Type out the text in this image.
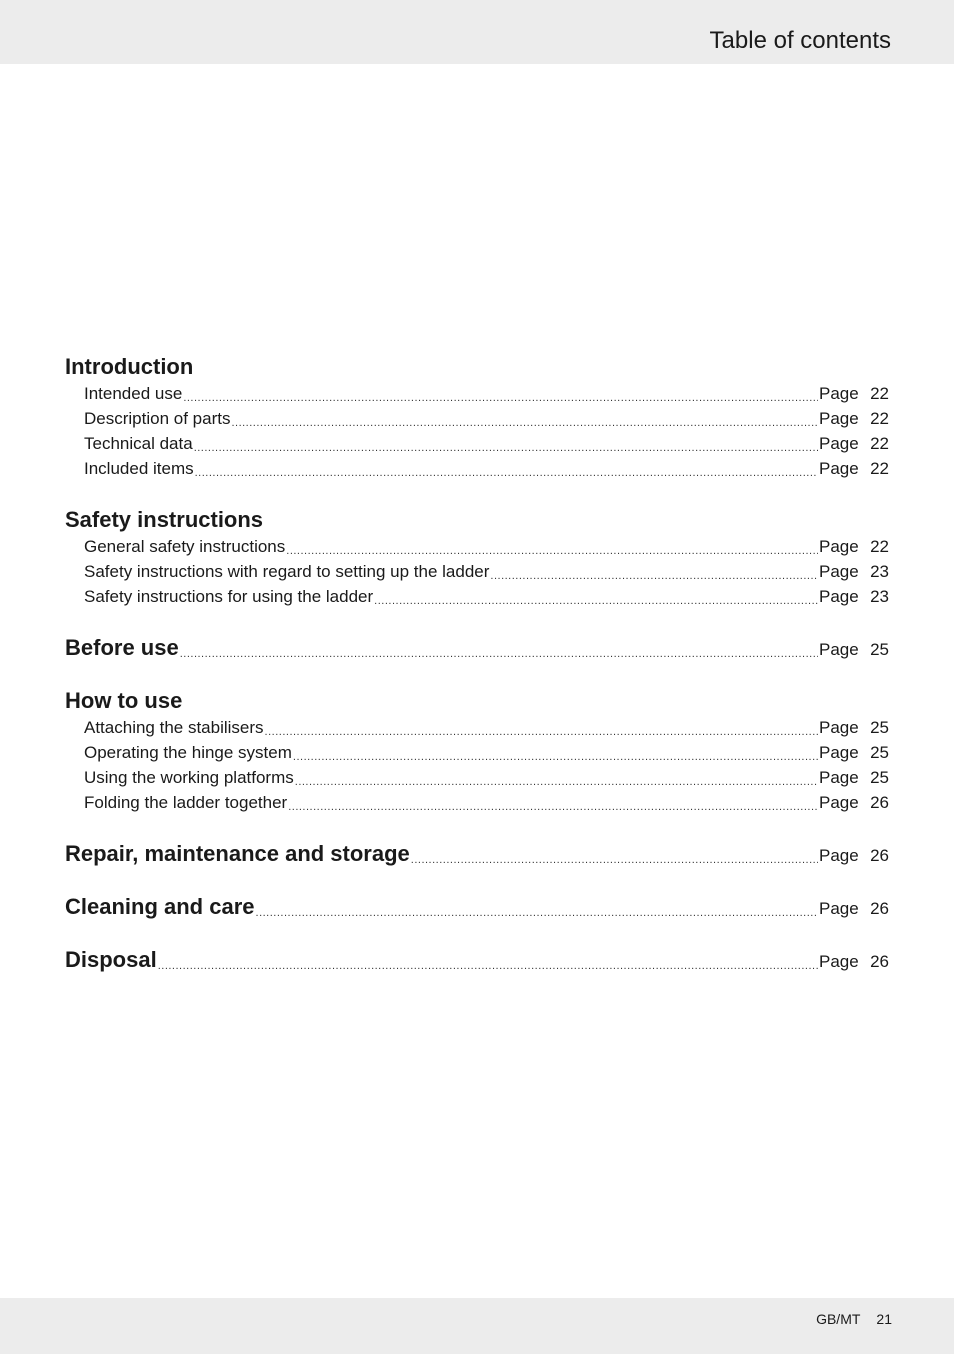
Table of contents
Introduction
Intended use .....	Page 22
Description of parts .....	Page 22
Technical data .....	Page 22
Included items .....	Page 22
Safety instructions
General safety instructions .....	Page 22
Safety instructions with regard to setting up the ladder .....	Page 23
Safety instructions for using the ladder .....	Page 23
Before use .....	Page 25
How to use
Attaching the stabilisers .....	Page 25
Operating the hinge system .....	Page 25
Using the working platforms .....	Page 25
Folding the ladder together .....	Page 26
Repair, maintenance and storage .....	Page 26
Cleaning and care .....	Page 26
Disposal .....	Page 26
GB/MT 21
